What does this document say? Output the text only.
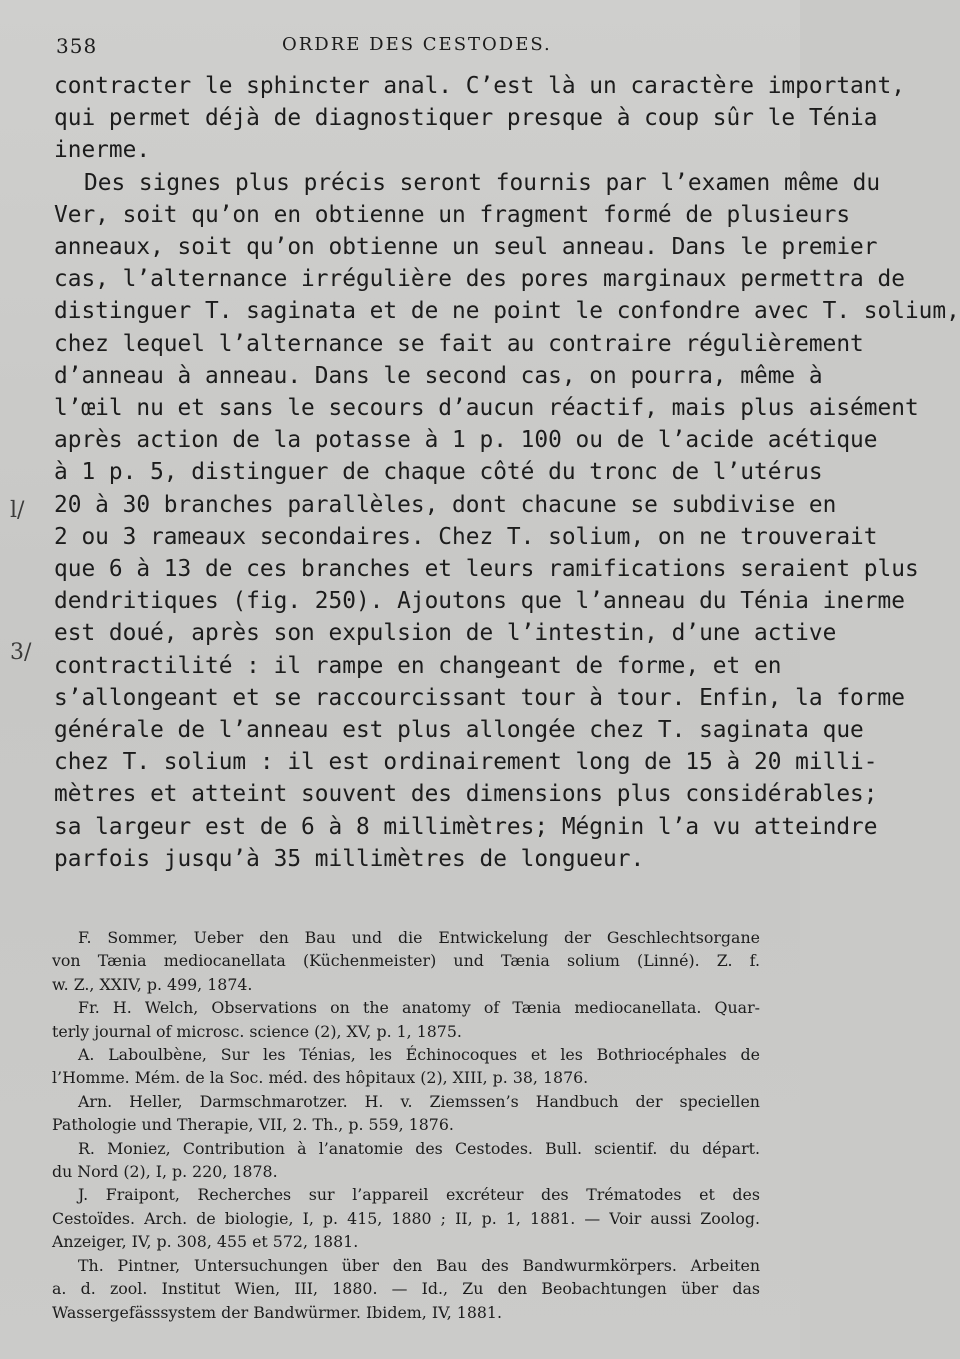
358	ORDRE DES CESTODES.
contracter le sphincter anal. C’est là un caractère important,
qui permet déjà de diagnostiquer presque à coup sûr le Ténia
inerme.
Des signes plus précis seront fournis par l’examen même du
Ver, soit qu’on en obtienne un fragment formé de plusieurs
anneaux, soit qu’on obtienne un seul anneau. Dans le premier
cas, l’alternance irrégulière des pores marginaux permettra de
distinguer T. saginata et de ne point le confondre avec T. solium,
chez lequel l’alternance se fait au contraire régulièrement
d’anneau à anneau. Dans le second cas, on pourra, même à
l’œil nu et sans le secours d’aucun réactif, mais plus aisément
après action de la potasse à 1 p. 100 ou de l’acide acétique
à 1 p. 5, distinguer de chaque côté du tronc de l’utérus
20 à 30 branches parallèles, dont chacune se subdivise en
2 ou 3 rameaux secondaires. Chez T. solium, on ne trouverait
que 6 à 13 de ces branches et leurs ramifications seraient plus
dendritiques (fig. 250). Ajoutons que l’anneau du Ténia inerme
est doué, après son expulsion de l’intestin, d’une active
contractilité : il rampe en changeant de forme, et en
s’allongeant et se raccourcissant tour à tour. Enfin, la forme
générale de l’anneau est plus allongée chez T. saginata que
chez T. solium : il est ordinairement long de 15 à 20 milli-
mètres et atteint souvent des dimensions plus considérables;
sa largeur est de 6 à 8 millimètres; Mégnin l’a vu atteindre
parfois jusqu’à 35 millimètres de longueur.
l/
3/
F. Sommer, Ueber den Bau und die Entwickelung der Geschlechtsorgane
von Tænia mediocanellata (Küchenmeister) und Tænia solium (Linné). Z. f.
w. Z., XXIV, p. 499, 1874.
Fr. H. Welch, Observations on the anatomy of Tænia mediocanellata. Quar-
terly journal of microsc. science (2), XV, p. 1, 1875.
A. Laboulbène, Sur les Ténias, les Échinocoques et les Bothriocéphales de
l’Homme. Mém. de la Soc. méd. des hôpitaux (2), XIII, p. 38, 1876.
Arn. Heller, Darmschmarotzer. H. v. Ziemssen’s Handbuch der speciellen
Pathologie und Therapie, VII, 2. Th., p. 559, 1876.
R. Moniez, Contribution à l’anatomie des Cestodes. Bull. scientif. du départ.
du Nord (2), I, p. 220, 1878.
J. Fraipont, Recherches sur l’appareil excréteur des Trématodes et des
Cestoïdes. Arch. de biologie, I, p. 415, 1880 ; II, p. 1, 1881. — Voir aussi Zoolog.
Anzeiger, IV, p. 308, 455 et 572, 1881.
Th. Pintner, Untersuchungen über den Bau des Bandwurmkörpers. Arbeiten
a. d. zool. Institut Wien, III, 1880. — Id., Zu den Beobachtungen über das
Wassergefässsystem der Bandwürmer. Ibidem, IV, 1881.
